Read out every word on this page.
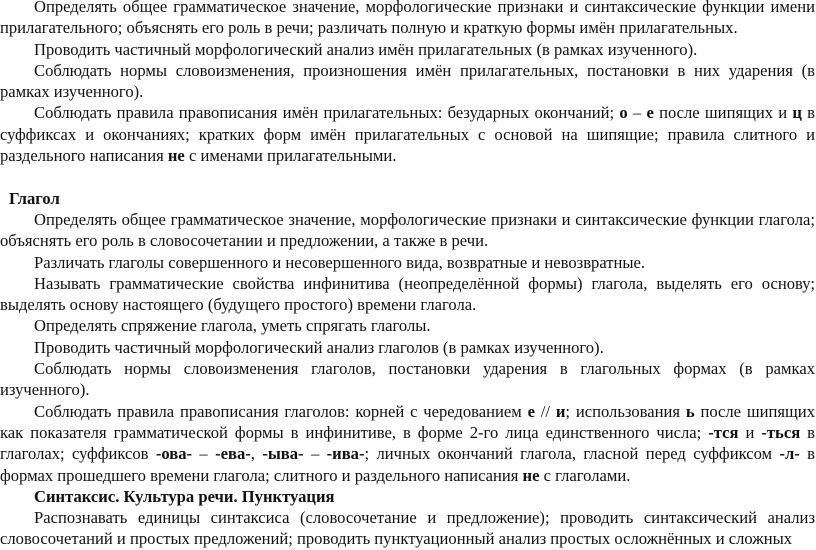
Определять общее грамматическое значение, морфологические признаки и синтаксические функции имени прилагательного; объяснять его роль в речи; различать полную и краткую формы имён прилагательных.

Проводить частичный морфологический анализ имён прилагательных (в рамках изученного).

Соблюдать нормы словоизменения, произношения имён прилагательных, постановки в них ударения (в рамках изученного).

Соблюдать правила правописания имён прилагательных: безударных окончаний; о – е после шипящих и ц в суффиксах и окончаниях; кратких форм имён прилагательных с основой на шипящие; правила слитного и раздельного написания не с именами прилагательными.

Глагол

Определять общее грамматическое значение, морфологические признаки и синтаксические функции глагола; объяснять его роль в словосочетании и предложении, а также в речи.

Различать глаголы совершенного и несовершенного вида, возвратные и невозвратные.

Называть грамматические свойства инфинитива (неопределённой формы) глагола, выделять его основу; выделять основу настоящего (будущего простого) времени глагола.

Определять спряжение глагола, уметь спрягать глаголы.

Проводить частичный морфологический анализ глаголов (в рамках изученного).

Соблюдать нормы словоизменения глаголов, постановки ударения в глагольных формах (в рамках изученного).

Соблюдать правила правописания глаголов: корней с чередованием е // и; использования ь после шипящих как показателя грамматической формы в инфинитиве, в форме 2-го лица единственного числа; -тся и -ться в глаголах; суффиксов -ова- – -ева-, -ыва- – -ива-; личных окончаний глагола, гласной перед суффиксом -л- в формах прошедшего времени глагола; слитного и раздельного написания не с глаголами.

Синтаксис. Культура речи. Пунктуация

Распознавать единицы синтаксиса (словосочетание и предложение); проводить синтаксический анализ словосочетаний и простых предложений; проводить пунктуационный анализ простых осложнённых и сложных
